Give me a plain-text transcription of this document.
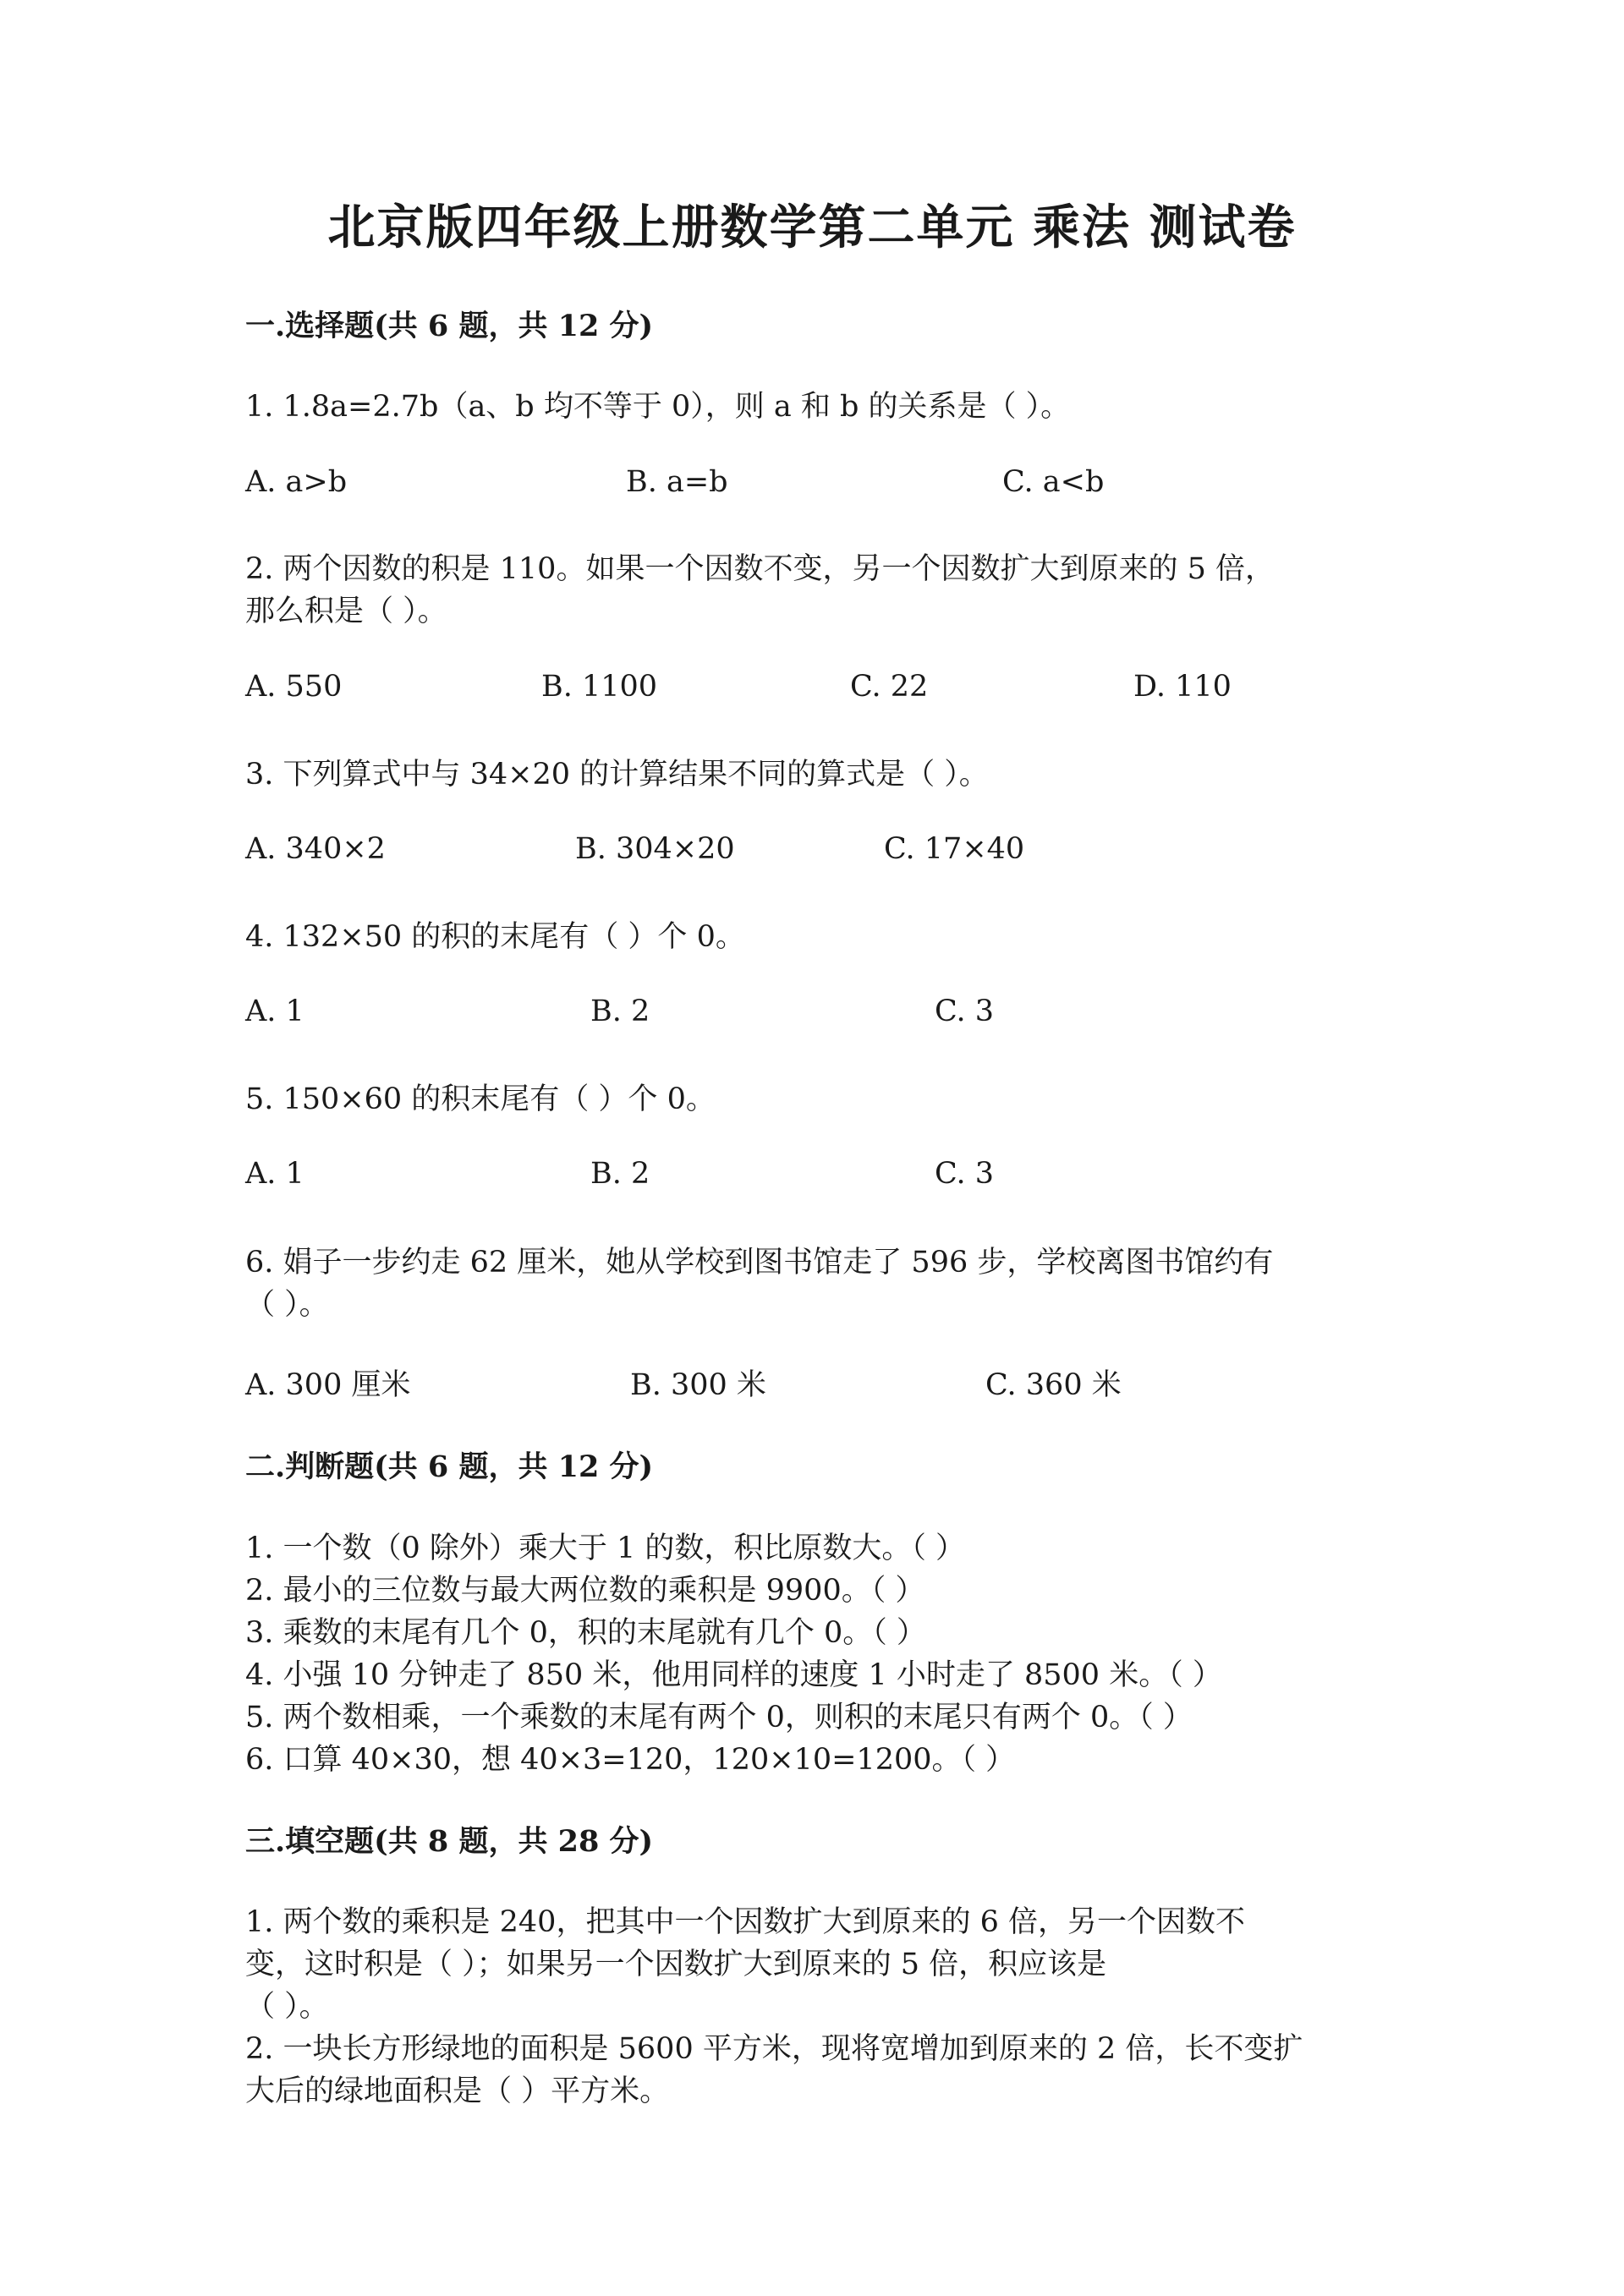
北京版四年级上册数学第二单元 乘法 测试卷
一.选择题(共 6 题，共 12 分)
1. 1.8a=2.7b（a、b 均不等于 0），则 a 和 b 的关系是（ ）。
A. a>b	B. a=b	C. a<b
2. 两个因数的积是 110。如果一个因数不变，另一个因数扩大到原来的 5 倍，
那么积是（ ）。
A. 550	B. 1100	C. 22	D. 110
3. 下列算式中与 34×20 的计算结果不同的算式是（ ）。
A. 340×2	B. 304×20	C. 17×40
4. 132×50 的积的末尾有（ ）个 0。
A. 1	B. 2	C. 3
5. 150×60 的积末尾有（ ）个 0。
A. 1	B. 2	C. 3
6. 娟子一步约走 62 厘米，她从学校到图书馆走了 596 步，学校离图书馆约有
（ ）。
A. 300 厘米	B. 300 米	C. 360 米
二.判断题(共 6 题，共 12 分)
1. 一个数（0 除外）乘大于 1 的数，积比原数大。（ ）
2. 最小的三位数与最大两位数的乘积是 9900。（ ）
3. 乘数的末尾有几个 0，积的末尾就有几个 0。（ ）
4. 小强 10 分钟走了 850 米，他用同样的速度 1 小时走了 8500 米。（ ）
5. 两个数相乘，一个乘数的末尾有两个 0，则积的末尾只有两个 0。（ ）
6. 口算 40×30，想 40×3=120，120×10=1200。（ ）
三.填空题(共 8 题，共 28 分)
1. 两个数的乘积是 240，把其中一个因数扩大到原来的 6 倍，另一个因数不
变，这时积是（ ）；如果另一个因数扩大到原来的 5 倍，积应该是
（ ）。
2. 一块长方形绿地的面积是 5600 平方米，现将宽增加到原来的 2 倍，长不变扩
大后的绿地面积是（ ）平方米。
